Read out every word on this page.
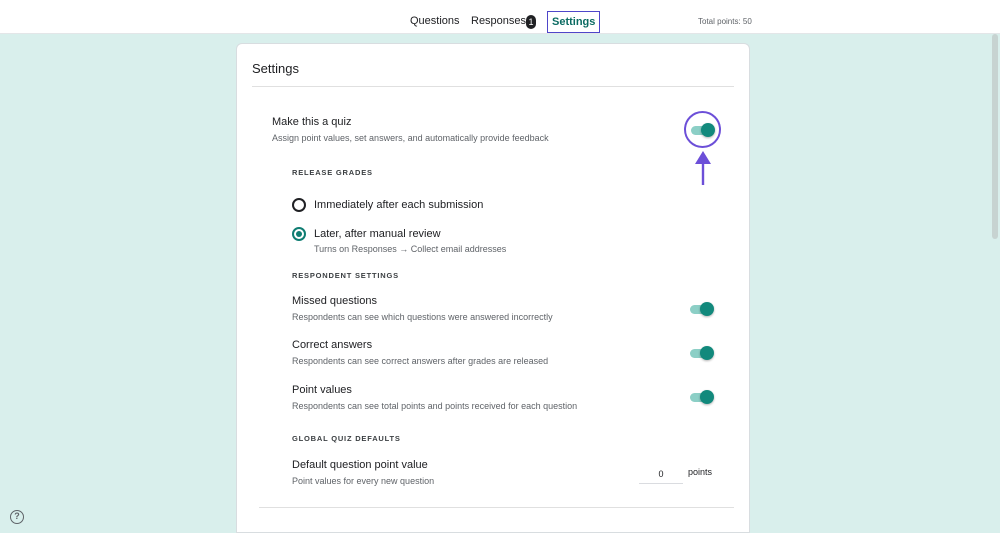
Questions Responses 1	Settings	Total points: 50
Settings
Make this a quiz
Assign point values, set answers, and automatically provide feedback
RELEASE GRADES
Immediately after each submission
Later, after manual review
Turns on Responses → Collect email addresses
RESPONDENT SETTINGS
Missed questions
Respondents can see which questions were answered incorrectly
Correct answers
Respondents can see correct answers after grades are released
Point values
Respondents can see total points and points received for each question
GLOBAL QUIZ DEFAULTS
Default question point value
Point values for every new question
0
points
?
